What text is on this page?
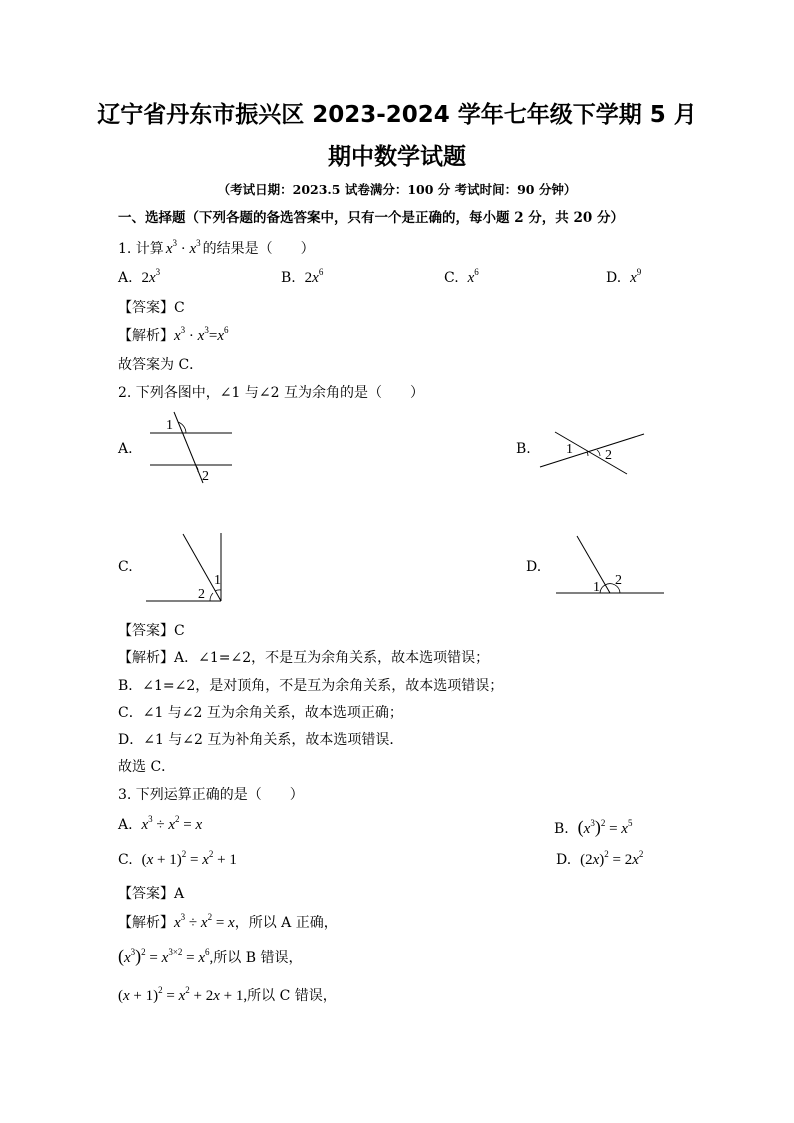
辽宁省丹东市振兴区 2023-2024 学年七年级下学期 5 月
期中数学试题
（考试日期：2023.5 试卷满分：100 分 考试时间：90 分钟）
一、选择题（下列各题的备选答案中，只有一个是正确的，每小题 2 分，共 20 分）
1. 计算 $x^3 \cdot x^3$ 的结果是（　　）
A. $2x^3$	B. $2x^6$	C. $x^6$	D. $x^9$
【答案】C
【解析】$x^3 \cdot x^3=x^6$
故答案为 C．
2. 下列各图中，∠1 与∠2 互为余角的是（　　）
A.
1
2
B.	1 2
C.
1
2
D.
1 2
【答案】C
【解析】A．∠1=∠2，不是互为余角关系，故本选项错误；
B．∠1=∠2，是对顶角，不是互为余角关系，故本选项错误；
C．∠1 与∠2 互为余角关系，故本选项正确；
D．∠1 与∠2 互为补角关系，故本选项错误．
故选 C．
3. 下列运算正确的是（　　）
A. $x^3 \div x^2 = x$	B. $(x^3)^2 = x^5$
C. $(x + 1)^2 = x^2 + 1$	D. $(2x)^2 = 2x^2$
【答案】A
【解析】$x^3 \div x^2 = x$，所以 A 正确，
$(x^3)^2 = x^{3\times 2} = x^6$,所以 B 错误，
$(x + 1)^2 = x^2 + 2x + 1$,所以 C 错误，
